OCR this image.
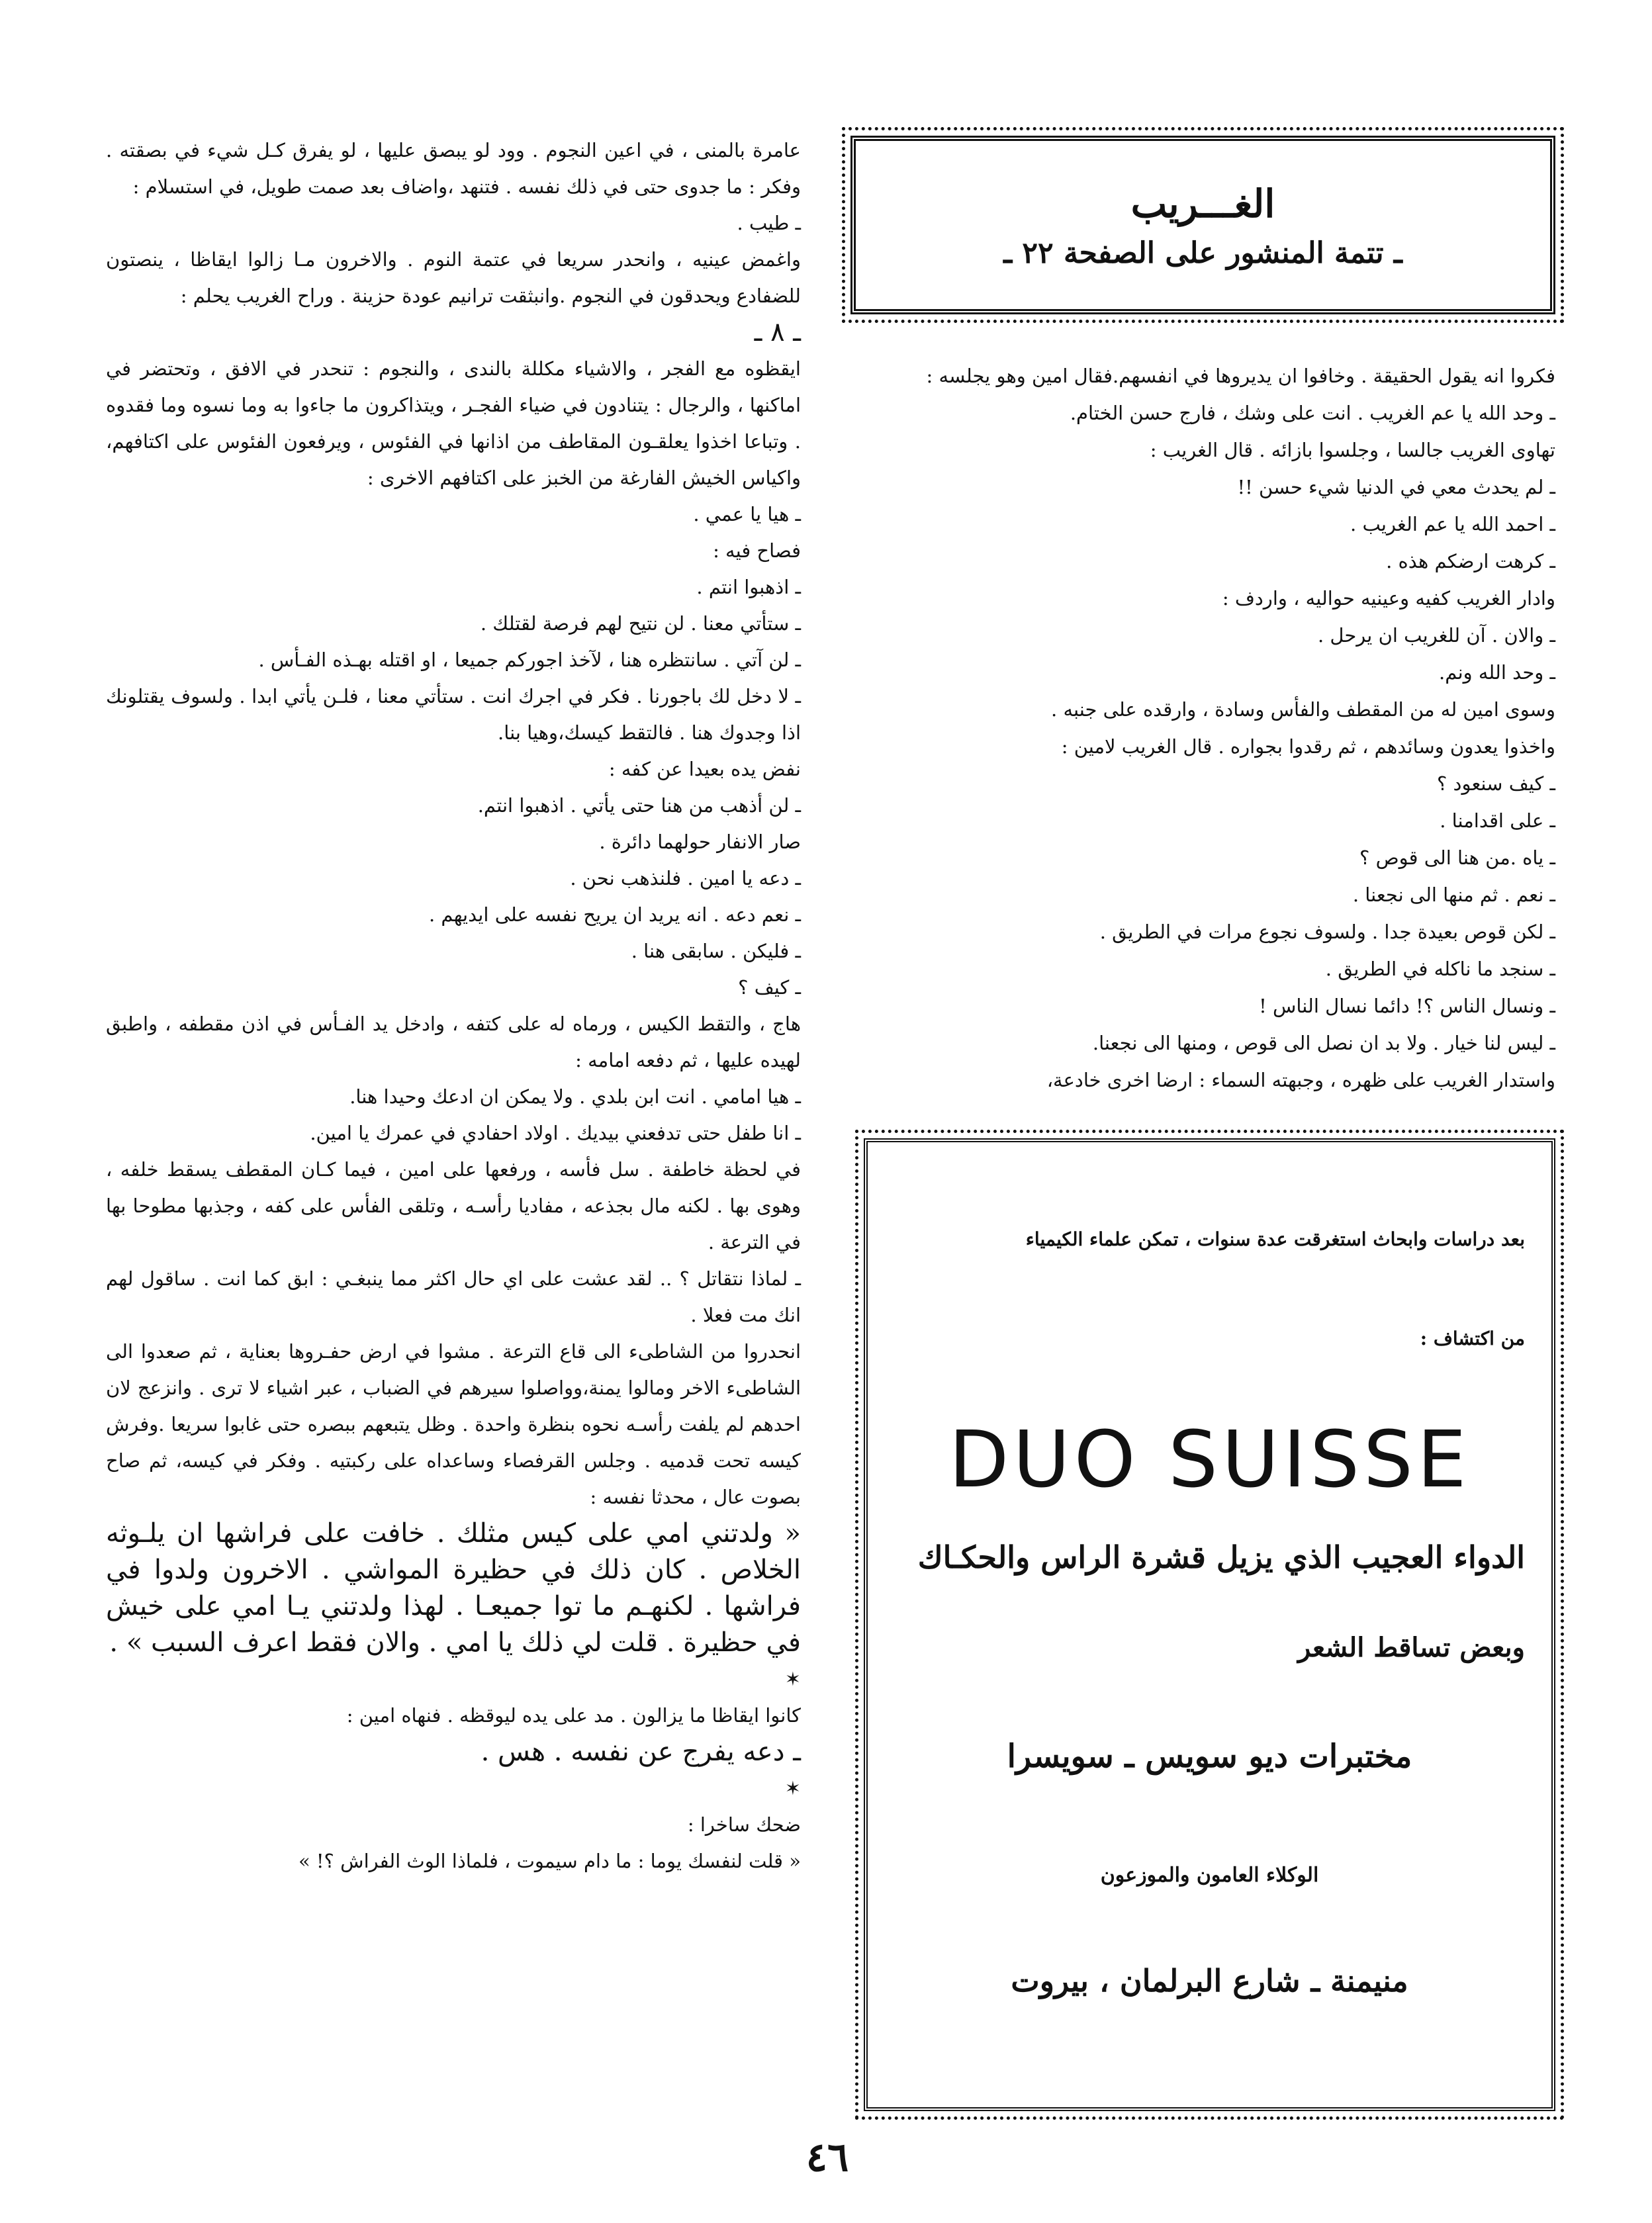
الغـــريب
ـ تتمة المنشور على الصفحة ٢٢ ـ

فكروا انه يقول الحقيقة . وخافوا ان يديروها في انفسهم.فقال امين وهو يجلسه :

ـ وحد الله يا عم الغريب . انت على وشك ، فارج حسن الختام.

تهاوى الغريب جالسا ، وجلسوا بازائه . قال الغريب :

ـ لم يحدث معي في الدنيا شيء حسن !!

ـ احمد الله يا عم الغريب .

ـ كرهت ارضكم هذه .

وادار الغريب كفيه وعينيه حواليه ، واردف :

ـ والان . آن للغريب ان يرحل .

ـ وحد الله ونم.

وسوى امين له من المقطف والفأس وسادة ، وارقده على جنبه .

واخذوا يعدون وسائدهم ، ثم رقدوا بجواره . قال الغريب لامين :

ـ كيف سنعود ؟

ـ على اقدامنا .

ـ ياه .من هنا الى قوص ؟

ـ نعم . ثم منها الى نجعنا .

ـ لكن قوص بعيدة جدا . ولسوف نجوع مرات في الطريق .

ـ سنجد ما ناكله في الطريق .

ـ ونسال الناس ؟! دائما نسال الناس !

ـ ليس لنا خيار . ولا بد ان نصل الى قوص ، ومنها الى نجعنا.

واستدار الغريب على ظهره ، وجبهته السماء : ارضا اخرى خادعة،

بعد دراسات وابحاث استغرقت عدة سنوات ، تمكن علماء الكيمياء
من اكتشاف :
DUO SUISSE
الدواء العجيب الذي يزيل قشرة الراس والحكـاك
وبعض تساقط الشعر
مختبرات ديو سويس ـ سويسرا
الوكلاء العامون والموزعون
منيمنة ـ شارع البرلمان ، بيروت

عامرة بالمنى ، في اعين النجوم . وود لو يبصق عليها ، لو يفرق كـل شيء في بصقته . وفكر : ما جدوى حتى في ذلك نفسه . فتنهد ،واضاف بعد صمت طويل، في استسلام :

ـ طيب .

واغمض عينيه ، وانحدر سريعا في عتمة النوم . والاخرون مـا زالوا ايقاظا ، ينصتون للضفادع ويحدقون في النجوم .وانبثقت ترانيم عودة حزينة . وراح الغريب يحلم :

ـ ٨ ـ

ايقظوه مع الفجر ، والاشياء مكللة بالندى ، والنجوم : تنحدر في الافق ، وتحتضر في اماكنها ، والرجال : يتنادون في ضياء الفجـر ، ويتذاكرون ما جاءوا به وما نسوه وما فقدوه . وتباعا اخذوا يعلقـون المقاطف من اذانها في الفئوس ، ويرفعون الفئوس على اكتافهم، واكياس الخيش الفارغة من الخبز على اكتافهم الاخرى :

ـ هيا يا عمي .

فصاح فيه :

ـ اذهبوا انتم .

ـ ستأتي معنا . لن نتيح لهم فرصة لقتلك .

ـ لن آتي . سانتظره هنا ، لآخذ اجوركم جميعا ، او اقتله بهـذه الفـأس .

ـ لا دخل لك باجورنا . فكر في اجرك انت . ستأتي معنا ، فلـن يأتي ابدا . ولسوف يقتلونك اذا وجدوك هنا . فالتقط كيسك،وهيا بنا.

نفض يده بعيدا عن كفه :

ـ لن أذهب من هنا حتى يأتي . اذهبوا انتم.

صار الانفار حولهما دائرة .

ـ دعه يا امين . فلنذهب نحن .

ـ نعم دعه . انه يريد ان يريح نفسه على ايديهم .

ـ فليكن . سابقى هنا .

ـ كيف ؟

هاج ، والتقط الكيس ، ورماه له على كتفه ، وادخل يد الفـأس في اذن مقطفه ، واطبق لهيده عليها ، ثم دفعه امامه :

ـ هيا امامي . انت ابن بلدي . ولا يمكن ان ادعك وحيدا هنا.

ـ انا طفل حتى تدفعني بيديك . اولاد احفادي في عمرك يا امين.

في لحظة خاطفة . سل فأسه ، ورفعها على امين ، فيما كـان المقطف يسقط خلفه ، وهوى بها . لكنه مال بجذعه ، مفاديا رأسـه ، وتلقى الفأس على كفه ، وجذبها مطوحا بها في الترعة .

ـ لماذا نتقاتل ؟ .. لقد عشت على اي حال اكثر مما ينبغـي : ابق كما انت . ساقول لهم انك مت فعلا .

انحدروا من الشاطىء الى قاع الترعة . مشوا في ارض حفـروها بعناية ، ثم صعدوا الى الشاطىء الاخر ومالوا يمنة،وواصلوا سيرهم في الضباب ، عبر اشياء لا ترى . وانزعج لان احدهم لم يلفت رأسـه نحوه بنظرة واحدة . وظل يتبعهم ببصره حتى غابوا سريعا .وفرش كيسه تحت قدميه . وجلس القرفصاء وساعداه على ركبتيه . وفكر في كيسه، ثم صاح بصوت عال ، محدثا نفسه :

« ولدتني امي على كيس مثلك . خافت على فراشها ان يلـوثه الخلاص . كان ذلك في حظيرة المواشي . الاخرون ولدوا في فراشها . لكنهـم ما توا جميعـا . لهذا ولدتني يـا امي على خيش في حظيرة . قلت لي ذلك يا امي . والان فقط اعرف السبب » .

✶

كانوا ايقاظا ما يزالون . مد على يده ليوقظه . فنهاه امين :

ـ دعه يفرج عن نفسه . هس .

✶

ضحك ساخرا :

« قلت لنفسك يوما : ما دام سيموت ، فلماذا الوث الفراش ؟! »

٤٦
